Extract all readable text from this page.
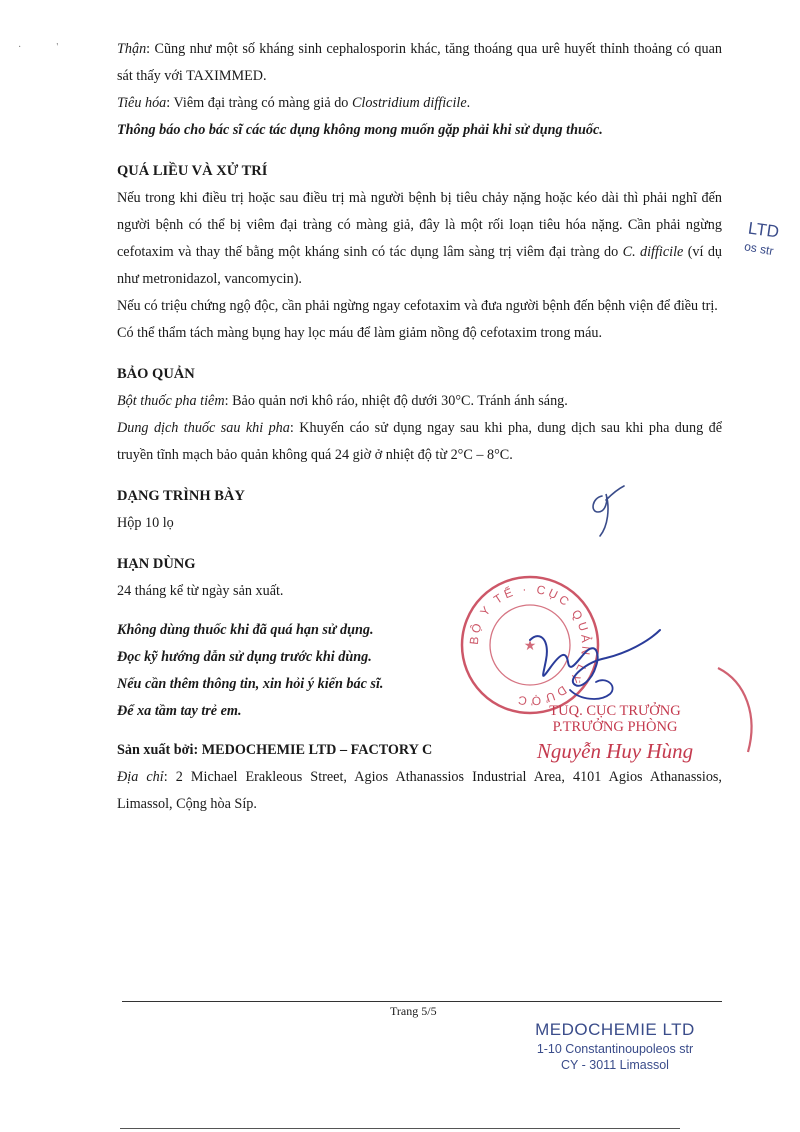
·              '	Thận: Cũng như một số kháng sinh cephalosporin khác, tăng thoáng qua urê huyết thỉnh thoảng có quan sát thấy với TAXIMMED.

Tiêu hóa: Viêm đại tràng có màng giả do Clostridium difficile.

Thông báo cho bác sĩ các tác dụng không mong muốn gặp phải khi sử dụng thuốc.

QUÁ LIỀU VÀ XỬ TRÍ

Nếu trong khi điều trị hoặc sau điều trị mà người bệnh bị tiêu chảy nặng hoặc kéo dài thì phải nghĩ đến người bệnh có thể bị viêm đại tràng có màng giả, đây là một rối loạn tiêu hóa nặng. Cần phải ngừng cefotaxim và thay thế bằng một kháng sinh có tác dụng lâm sàng trị viêm đại tràng do C. difficile (ví dụ như metronidazol, vancomycin).

Nếu có triệu chứng ngộ độc, cần phải ngừng ngay cefotaxim và đưa người bệnh đến bệnh viện để điều trị.

Có thể thẩm tách màng bụng hay lọc máu để làm giảm nồng độ cefotaxim trong máu.

BẢO QUẢN

Bột thuốc pha tiêm: Bảo quản nơi khô ráo, nhiệt độ dưới 30°C. Tránh ánh sáng.

Dung dịch thuốc sau khi pha: Khuyến cáo sử dụng ngay sau khi pha, dung dịch sau khi pha dung để truyền tĩnh mạch bảo quản không quá 24 giờ ở nhiệt độ từ 2°C – 8°C.

DẠNG TRÌNH BÀY

Hộp 10 lọ

HẠN DÙNG

24 tháng kể từ ngày sản xuất.

Không dùng thuốc khi đã quá hạn sử dụng.

Đọc kỹ hướng dẫn sử dụng trước khi dùng.

Nếu cần thêm thông tin, xin hỏi ý kiến bác sĩ.

Để xa tầm tay trẻ em.

Sản xuất bởi: MEDOCHEMIE LTD – FACTORY C

Địa chỉ: 2 Michael Erakleous Street, Agios Athanassios Industrial Area, 4101 Agios Athanassios, Limassol, Cộng hòa Síp.

LTD
os str
BỘ Y TẾ · CỤC QUẢN LÝ DƯỢC
★
TUQ. CỤC TRƯỞNG
P.TRƯỞNG PHÒNG
Nguyễn Huy Hùng
Trang 5/5
MEDOCHEMIE LTD
1-10 Constantinoupoleos str
CY - 3011 Limassol
